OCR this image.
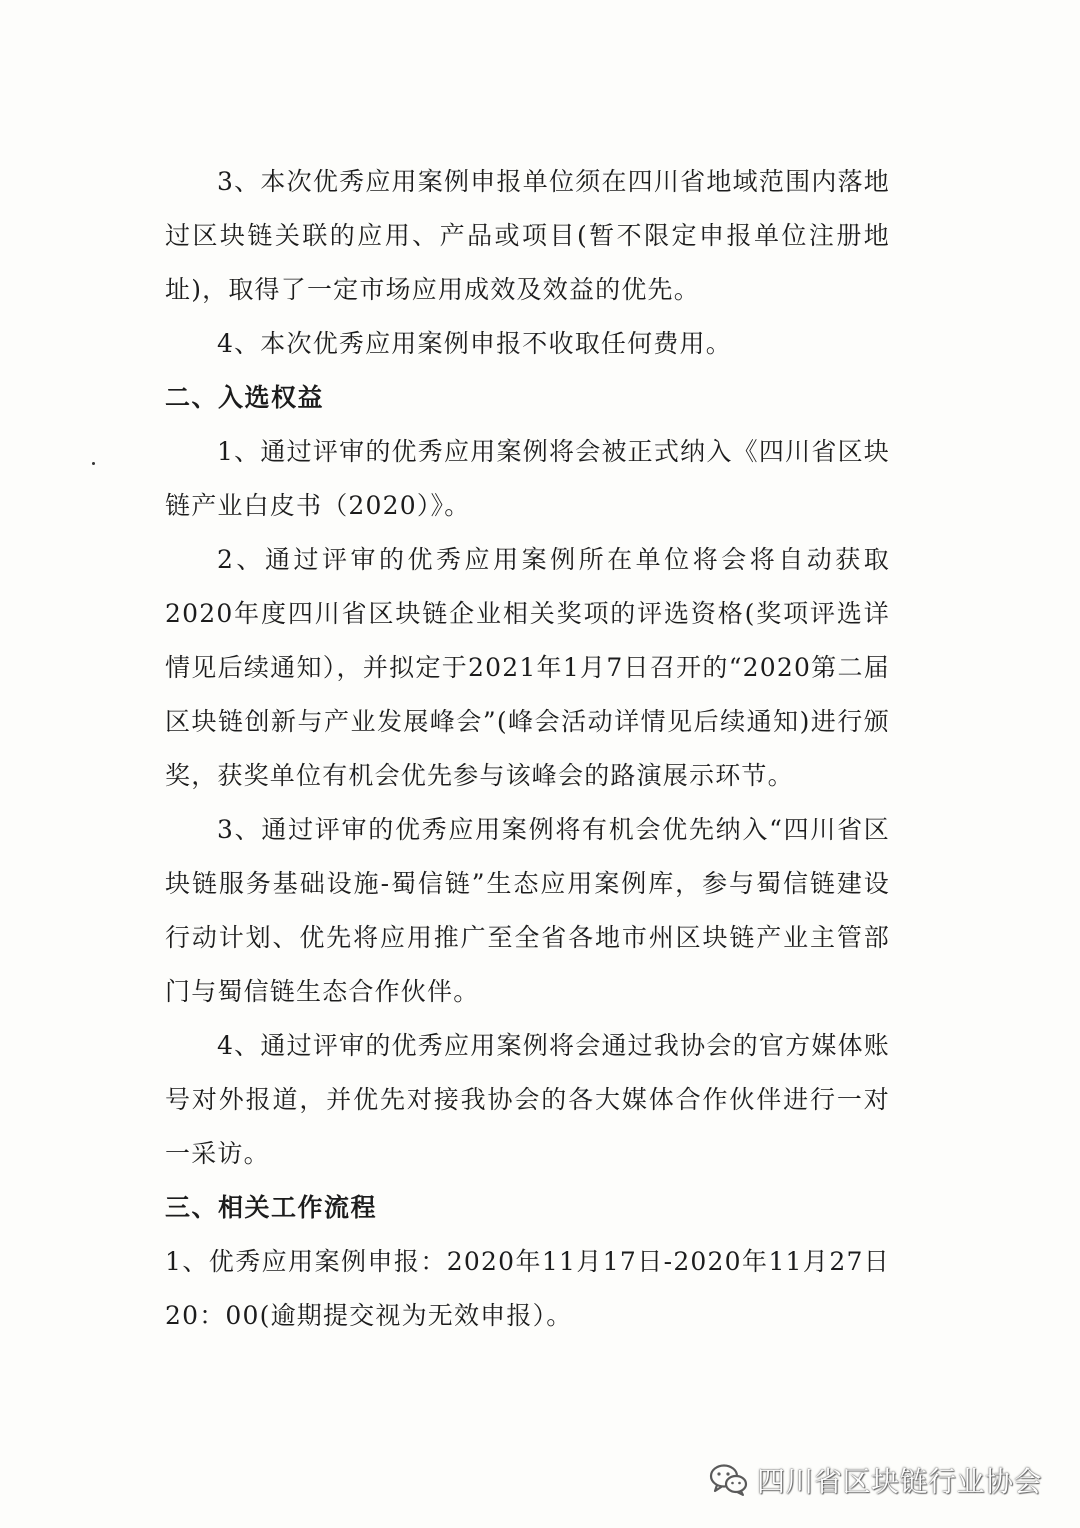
3、本次优秀应用案例申报单位须在四川省地域范围内落地过区块链关联的应用、产品或项目(暂不限定申报单位注册地址)，取得了一定市场应用成效及效益的优先。

4、本次优秀应用案例申报不收取任何费用。

二、入选权益

1、通过评审的优秀应用案例将会被正式纳入《四川省区块链产业白皮书（2020）》。

2、通过评审的优秀应用案例所在单位将会将自动获取2020年度四川省区块链企业相关奖项的评选资格(奖项评选详情见后续通知），并拟定于2021年1月7日召开的“2020第二届区块链创新与产业发展峰会”(峰会活动详情见后续通知)进行颁奖，获奖单位有机会优先参与该峰会的路演展示环节。

3、通过评审的优秀应用案例将有机会优先纳入“四川省区块链服务基础设施-蜀信链”生态应用案例库，参与蜀信链建设行动计划、优先将应用推广至全省各地市州区块链产业主管部门与蜀信链生态合作伙伴。

4、通过评审的优秀应用案例将会通过我协会的官方媒体账号对外报道，并优先对接我协会的各大媒体合作伙伴进行一对一采访。

三、相关工作流程

1、优秀应用案例申报：2020年11月17日-2020年11月27日20：00(逾期提交视为无效申报）。

四川省区块链行业协会
